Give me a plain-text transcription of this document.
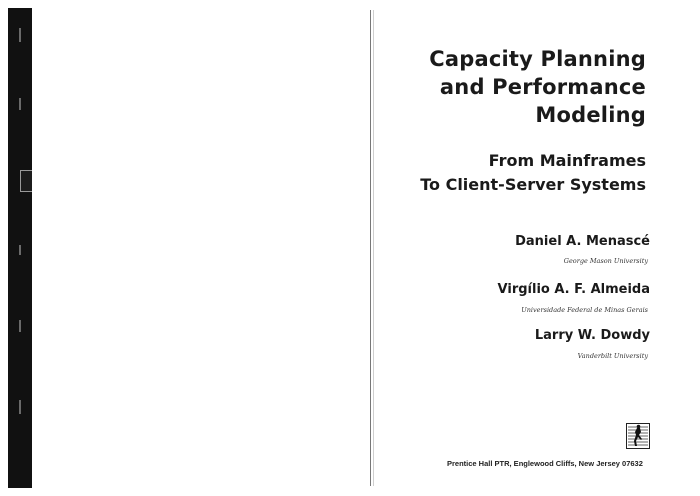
Capacity Planning
and Performance
Modeling
From Mainframes
To Client-Server Systems
Daniel A. Menascé
George Mason University
Virgílio A. F. Almeida
Universidade Federal de Minas Gerais
Larry W. Dowdy
Vanderbilt University
Prentice Hall PTR, Englewood Cliffs, New Jersey 07632
